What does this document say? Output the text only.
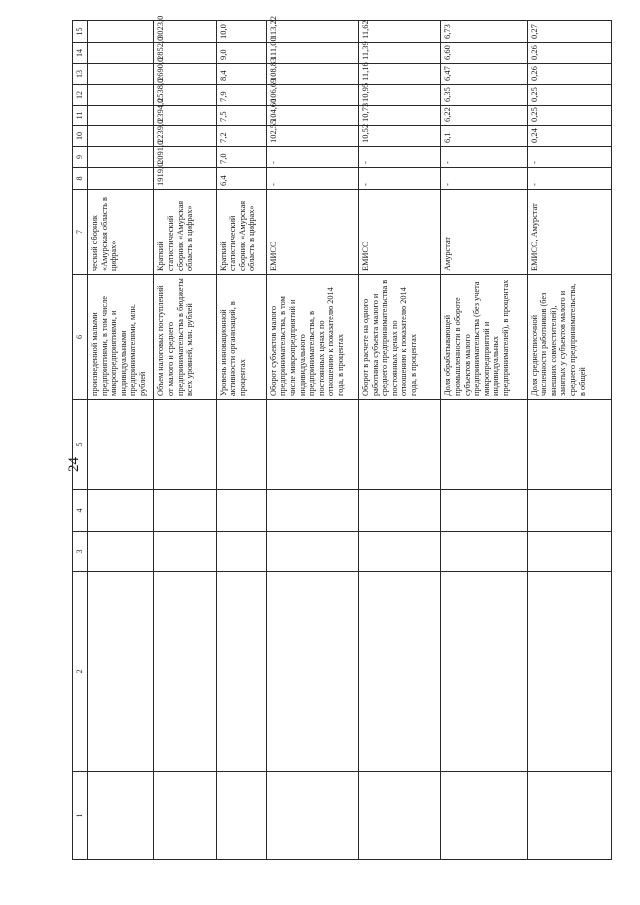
24
1	2	3	4	5	6	7	8	9	10	11	12	13	14	15
					произведенной малыми предприятиями, в том числе микропредприятиями, и индивидуальными предпринимателями, млн. рублей	ческий сборник «Амурская область в цифрах»								
					Объем налоговых поступлений от малого и среднего предпринимательства в бюджеты всех уровней, млн. рублей	Краткий статистический сборник «Амурская область в цифрах»	1919,0	2091,0	2239,0	2394,0	2538,0	2690,0	2852,0	3023,0
					Уровень инновационной активности организаций, в процентах	Краткий статистический сборник «Амурская область в цифрах»	6,4	7,0	7,2	7,5	7,9	8,4	9,0	10,0
					Оборот субъектов малого предпринимательства, в том числе микропредприятий и индивидуального предпринимательства, в постоянных ценах по отношению к показателю 2014 года, в процентах	ЕМИСС	-	-	102,55	104,60	106,69	108,83	111,00	113,22
					Оборот в расчете на одного работника субъекта малого и среднего предпринимательства в постоянных ценах по отношению к показателю 2014 года, в процентах	ЕМИСС	-	-	10,52	10,73	10,95	11,16	11,39	11,62
					Доля обрабатывающей промышленности в обороте субъектов малого предпринимательства (без учета микропредприятий и индивидуальных предпринимателей), в процентах	Амурстат	-	-	6,1	6,22	6,35	6,47	6,60	6,73
					Доля среднесписочной численности работников (без внешних совместителей), занятых у субъектов малого и среднего предпринимательства, в общей	ЕМИСС, Амурстат	-	-	0,24	0,25	0,25	0,26	0,26	0,27
